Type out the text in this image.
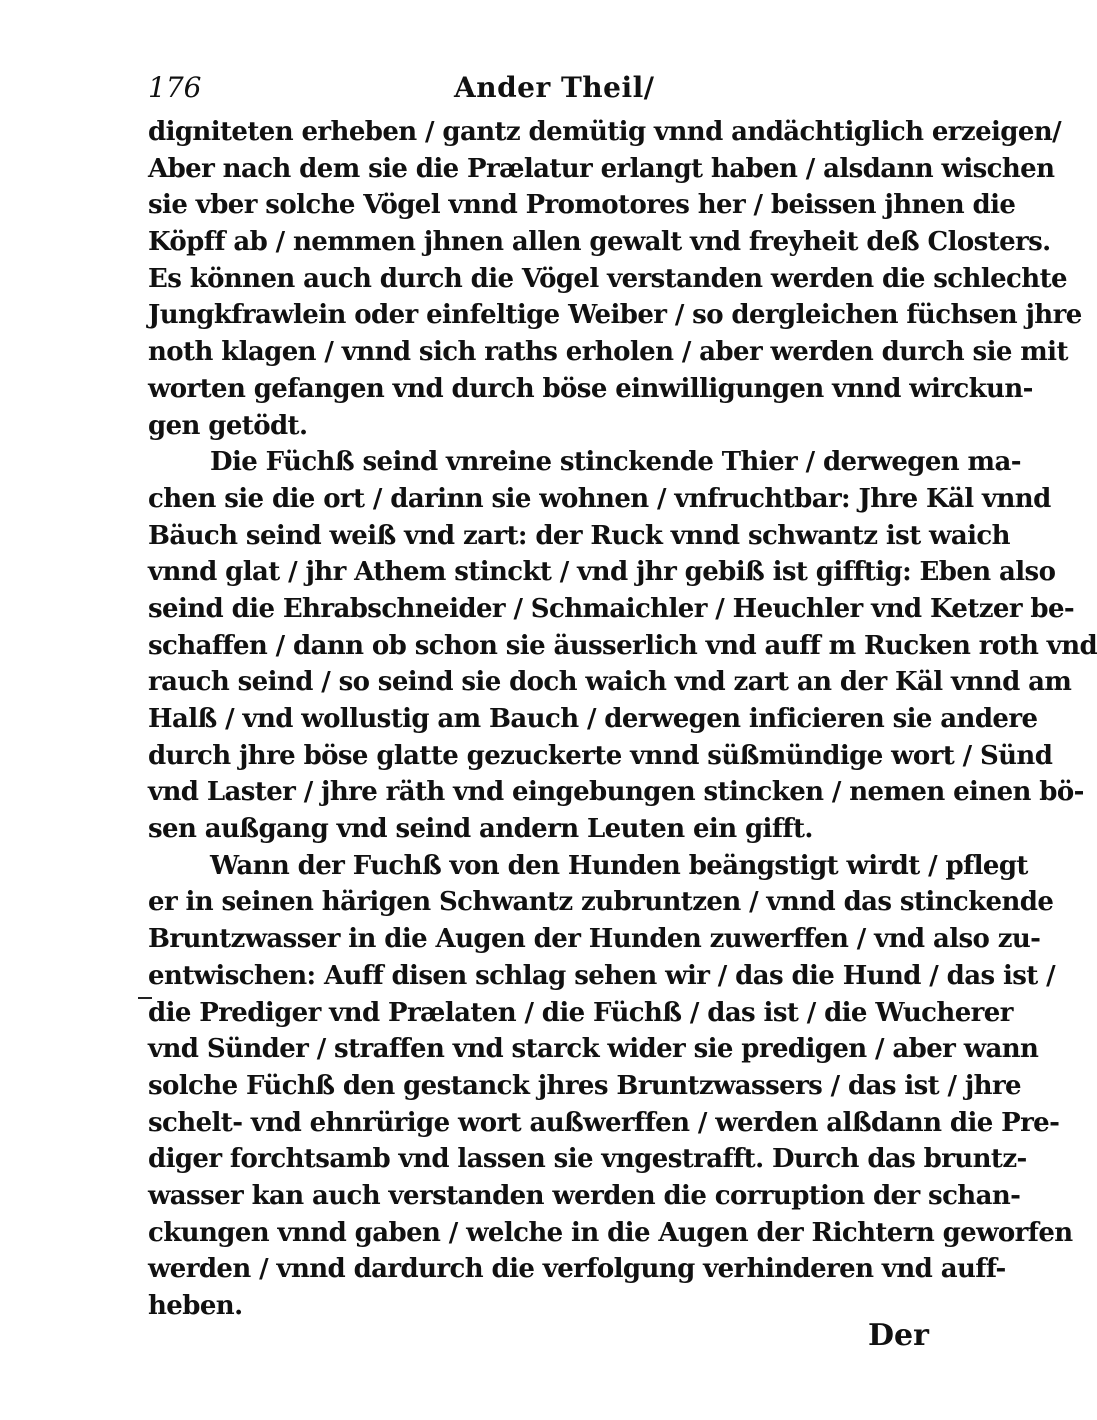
176	Ander Theil/
digniteten erheben / gantz demütig vnnd andächtiglich erzeigen/
Aber nach dem sie die Prælatur erlangt haben / alsdann wischen
sie vber solche Vögel vnnd Promotores her / beissen jhnen die
Köpff ab / nemmen jhnen allen gewalt vnd freyheit deß Closters.
Es können auch durch die Vögel verstanden werden die schlechte
Jungkfrawlein oder einfeltige Weiber / so dergleichen füchsen jhre
noth klagen / vnnd sich raths erholen / aber werden durch sie mit
worten gefangen vnd durch böse einwilligungen vnnd wirckun-
gen getödt.
Die Füchß seind vnreine stinckende Thier / derwegen ma-
chen sie die ort / darinn sie wohnen / vnfruchtbar: Jhre Käl vnnd
Bäuch seind weiß vnd zart: der Ruck vnnd schwantz ist waich
vnnd glat / jhr Athem stinckt / vnd jhr gebiß ist gifftig: Eben also
seind die Ehrabschneider / Schmaichler / Heuchler vnd Ketzer be-
schaffen / dann ob schon sie äusserlich vnd auff m Rucken roth vnd
rauch seind / so seind sie doch waich vnd zart an der Käl vnnd am
Halß / vnd wollustig am Bauch / derwegen inficieren sie andere
durch jhre böse glatte gezuckerte vnnd süßmündige wort / Sünd
vnd Laster / jhre räth vnd eingebungen stincken / nemen einen bö-
sen außgang vnd seind andern Leuten ein gifft.
Wann der Fuchß von den Hunden beängstigt wirdt / pflegt
er in seinen härigen Schwantz zubruntzen / vnnd das stinckende
Bruntzwasser in die Augen der Hunden zuwerffen / vnd also zu-
entwischen: Auff disen schlag sehen wir / das die Hund / das ist /
die Prediger vnd Prælaten / die Füchß / das ist / die Wucherer
vnd Sünder / straffen vnd starck wider sie predigen / aber wann
solche Füchß den gestanck jhres Bruntzwassers / das ist / jhre
schelt- vnd ehnrürige wort außwerffen / werden alßdann die Pre-
diger forchtsamb vnd lassen sie vngestrafft. Durch das bruntz-
wasser kan auch verstanden werden die corruption der schan-
ckungen vnnd gaben / welche in die Augen der Richtern geworfen
werden / vnnd dardurch die verfolgung verhinderen vnd auff-
heben.
Der
